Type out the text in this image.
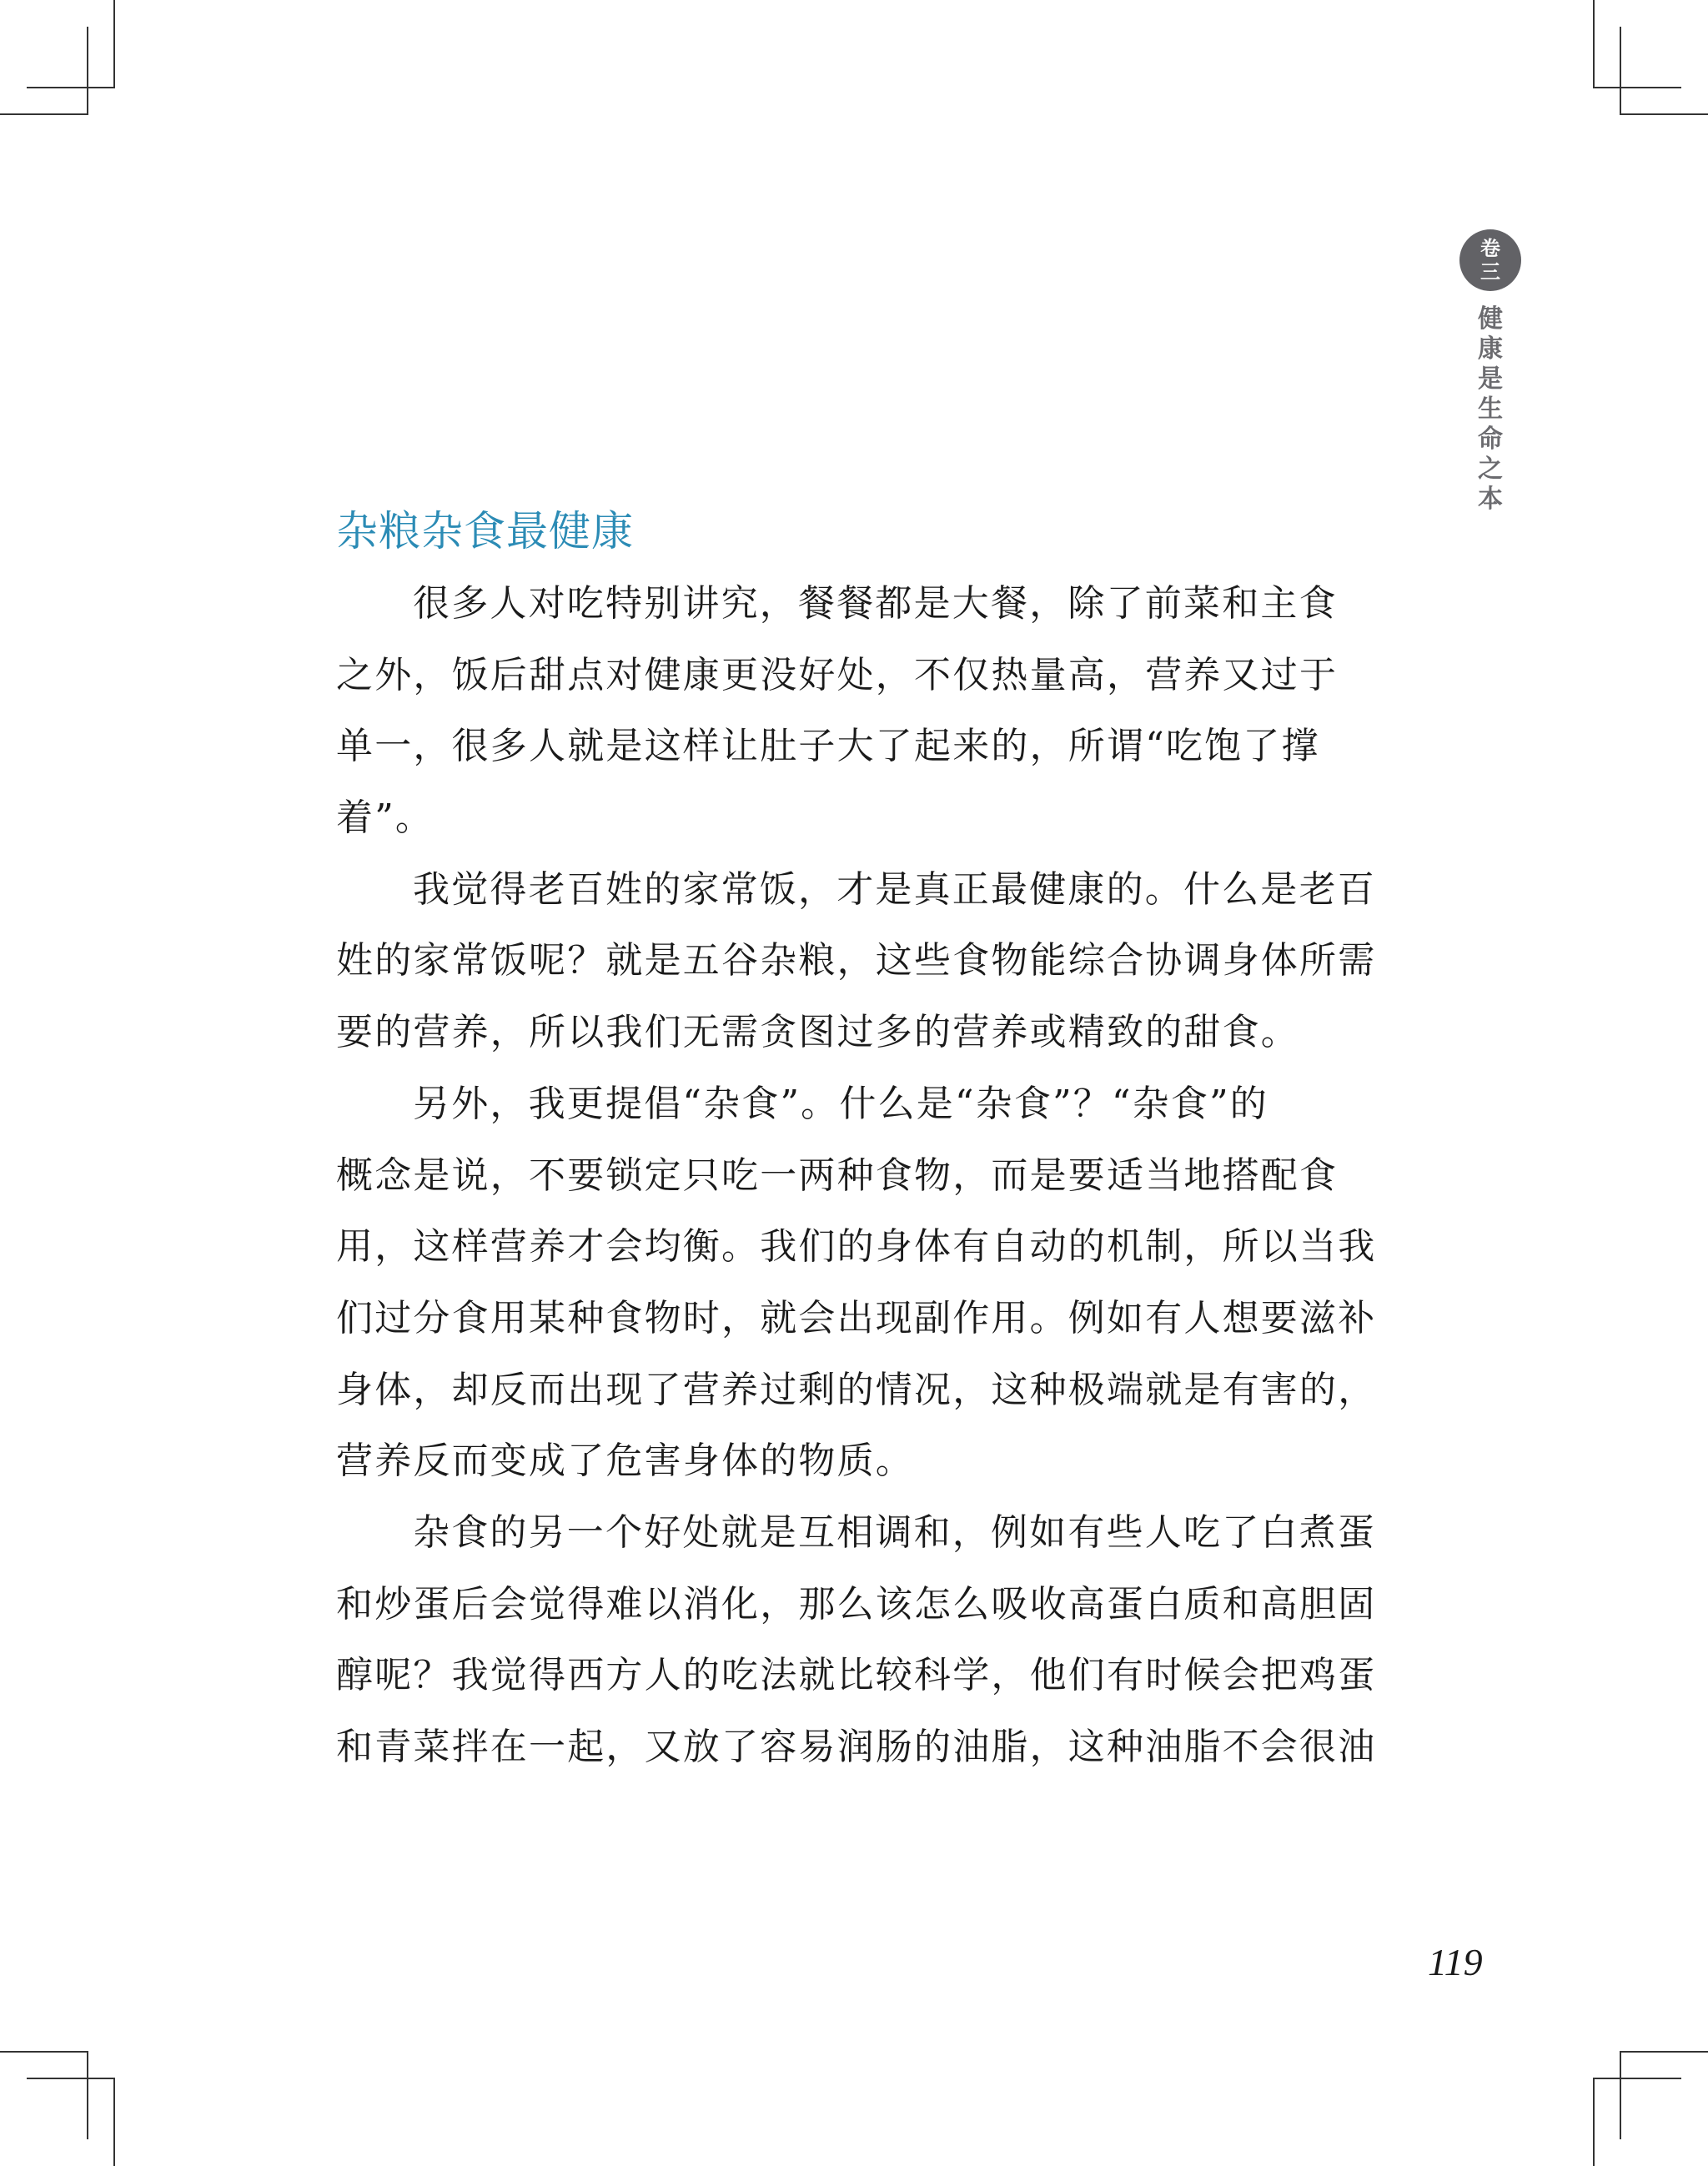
卷
三
健
康
是
生
命
之
本
杂粮杂食最健康
很多人对吃特别讲究，餐餐都是大餐，除了前菜和主食
之外，饭后甜点对健康更没好处，不仅热量高，营养又过于
单一，很多人就是这样让肚子大了起来的，所谓“吃饱了撑
着”。
我觉得老百姓的家常饭，才是真正最健康的。什么是老百
姓的家常饭呢？就是五谷杂粮，这些食物能综合协调身体所需
要的营养，所以我们无需贪图过多的营养或精致的甜食。
另外，我更提倡“杂食”。什么是“杂食”？“杂食”的
概念是说，不要锁定只吃一两种食物，而是要适当地搭配食
用，这样营养才会均衡。我们的身体有自动的机制，所以当我
们过分食用某种食物时，就会出现副作用。例如有人想要滋补
身体，却反而出现了营养过剩的情况，这种极端就是有害的，
营养反而变成了危害身体的物质。
杂食的另一个好处就是互相调和，例如有些人吃了白煮蛋
和炒蛋后会觉得难以消化，那么该怎么吸收高蛋白质和高胆固
醇呢？我觉得西方人的吃法就比较科学，他们有时候会把鸡蛋
和青菜拌在一起，又放了容易润肠的油脂，这种油脂不会很油
119
